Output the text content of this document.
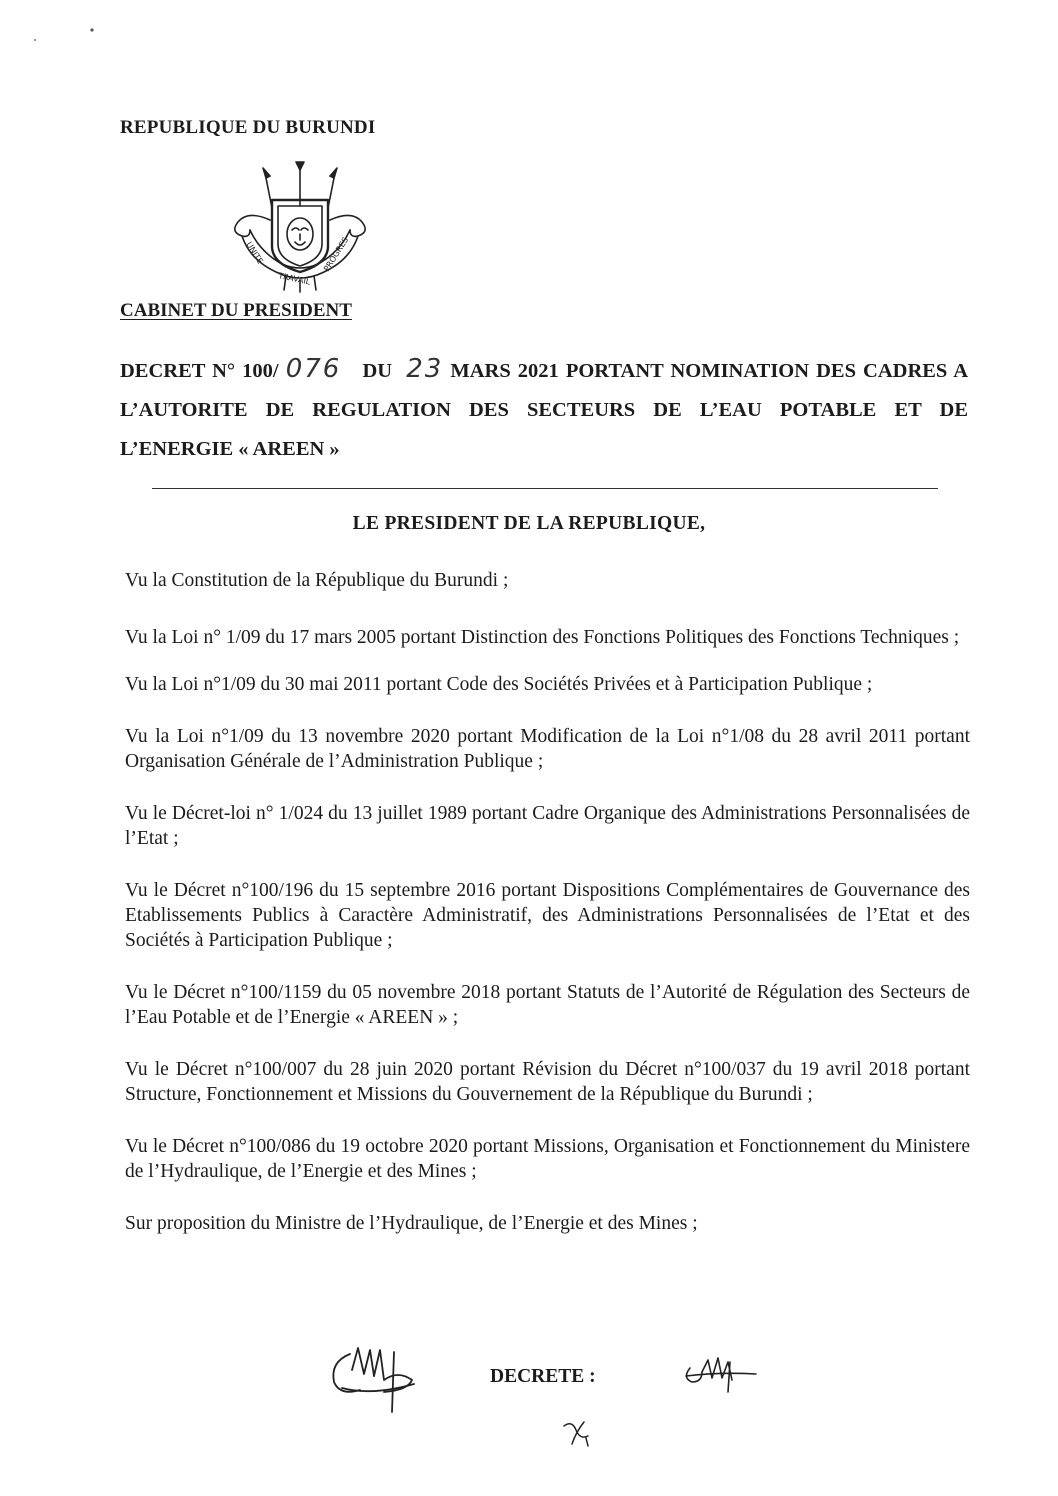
REPUBLIQUE DU BURUNDI
UNITE
TRAVAIL
PROGRES
CABINET DU PRESIDENT
DECRET N° 100/ 076 DU 23 MARS 2021 PORTANT NOMINATION DES CADRES A L’AUTORITE DE REGULATION DES SECTEURS DE L’EAU POTABLE ET DE L’ENERGIE « AREEN »
LE PRESIDENT DE LA REPUBLIQUE,

Vu la Constitution de la République du Burundi ;

Vu la Loi n° 1/09 du 17 mars 2005 portant Distinction des Fonctions Politiques des Fonctions Techniques ;

Vu la Loi n°1/09 du 30 mai 2011 portant Code des Sociétés Privées et à Participation Publique ;

Vu la Loi n°1/09 du 13 novembre 2020 portant Modification de la Loi n°1/08 du 28 avril 2011 portant Organisation Générale de l’Administration Publique ;

Vu le Décret-loi n° 1/024 du 13 juillet 1989 portant Cadre Organique des Administrations Personnalisées de l’Etat ;

Vu le Décret n°100/196 du 15 septembre 2016 portant Dispositions Complémentaires de Gouvernance des Etablissements Publics à Caractère Administratif, des Administrations Personnalisées de l’Etat et des Sociétés à Participation Publique ;

Vu le Décret n°100/1159 du 05 novembre 2018 portant Statuts de l’Autorité de Régulation des Secteurs de l’Eau Potable et de l’Energie « AREEN » ;

Vu le Décret n°100/007 du 28 juin 2020 portant Révision du Décret n°100/037 du 19 avril 2018 portant Structure, Fonctionnement et Missions du Gouvernement de la République du Burundi ;

Vu le Décret n°100/086 du 19 octobre 2020 portant Missions, Organisation et Fonctionnement du Ministere de l’Hydraulique, de l’Energie et des Mines ;

Sur proposition du Ministre de l’Hydraulique, de l’Energie et des Mines ;

DECRETE :
